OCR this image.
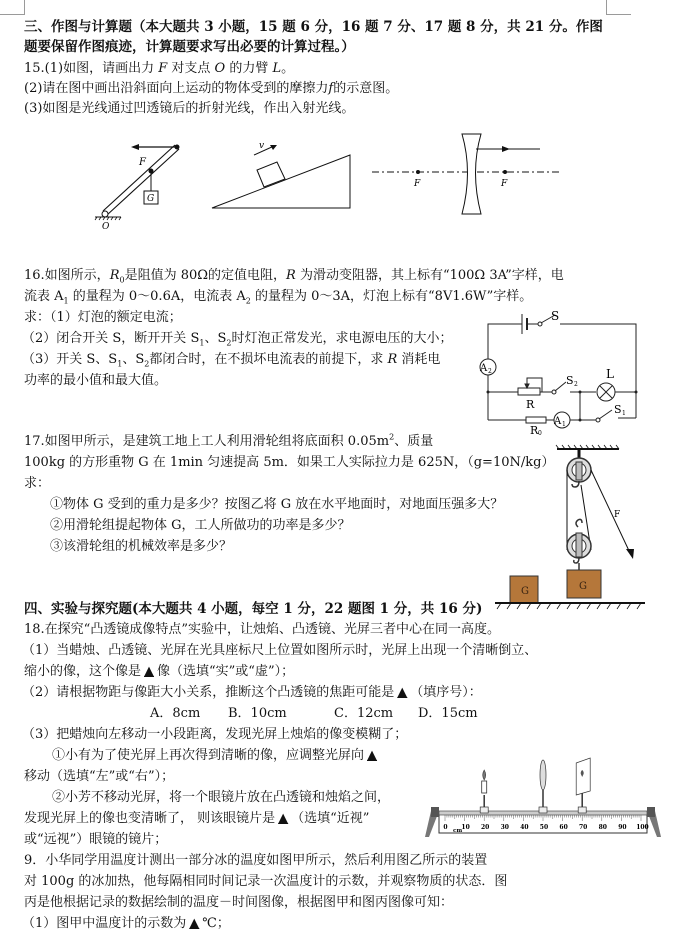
三、作图与计算题（本大题共 3 小题，15 题 6 分，16 题 7 分、17 题 8 分，共 21 分。作图
题要保留作图痕迹，计算题要求写出必要的计算过程。）
15.(1)如图，请画出力 F 对支点 O 的力臂 L。
(2)请在图中画出沿斜面向上运动的物体受到的摩擦力f的示意图。
(3)如图是光线通过凹透镜后的折射光线，作出入射光线。
F
G
O
v
F	F
16.如图所示，$R_0$是阻值为 80Ω的定值电阻，R 为滑动变阻器，其上标有“100Ω 3A”字样，电
流表 $A_1$ 的量程为 0～0.6A，电流表 $A_2$ 的量程为 0～3A，灯泡上标有“8V1.6W”字样。
求：（1）灯泡的额定电流；
（2）闭合开关 S，断开开关 $S_1$、$S_2$时灯泡正常发光，求电源电压的大小；
（3）开关 S、$S_1$、$S_2$都闭合时，在不损坏电流表的前提下，求 R 消耗电
功率的最小值和最大值。
S
A 2
S 2
L
R
A 1
S 1
R 0
17.如图甲所示，是建筑工地上工人利用滑轮组将底面积 $0.05m^2$、质量
100kg 的方形重物 G 在 1min 匀速提高 5m．如果工人实际拉力是 625N，（g=10N/kg）
求：
①物体 G 受到的重力是多少？按图乙将 G 放在水平地面时，对地面压强多大？
②用滑轮组提起物体 G，工人所做功的功率是多少？
③该滑轮组的机械效率是多少？
F
G
G
四、实验与探究题(本大题共 4 小题，每空 1 分，22 题图 1 分，共 16 分)
18.在探究“凸透镜成像特点”实验中，让烛焰、凸透镜、光屏三者中心在同一高度。
（1）当蜡烛、凸透镜、光屏在光具座标尺上位置如图所示时，光屏上出现一个清晰倒立、
缩小的像，这个像是 ▲ 像（选填“实”或“虚”）；
（2）请根据物距与像距大小关系，推断这个凸透镜的焦距可能是 ▲ （填序号）：
A．8cm B．10cm	C．12cm D．15cm
（3）把蜡烛向左移动一小段距离，发现光屏上烛焰的像变模糊了；
①小有为了使光屏上再次得到清晰的像，应调整光屏向 ▲
移动（选填“左”或“右”）；
②小芳不移动光屏，将一个眼镜片放在凸透镜和烛焰之间，
发现光屏上的像也变清晰了， 则该眼镜片是 ▲ （选填“近视”
或“远视”）眼镜的镜片；
0 10 20 30 40 50 60 70 80 90 100
cm
9．小华同学用温度计测出一部分冰的温度如图甲所示，然后利用图乙所示的装置
对 100g 的冰加热，他每隔相同时间记录一次温度计的示数，并观察物质的状态．图
丙是他根据记录的数据绘制的温度－时间图像，根据图甲和图丙图像可知：
（1）图甲中温度计的示数为 ▲ ℃；
